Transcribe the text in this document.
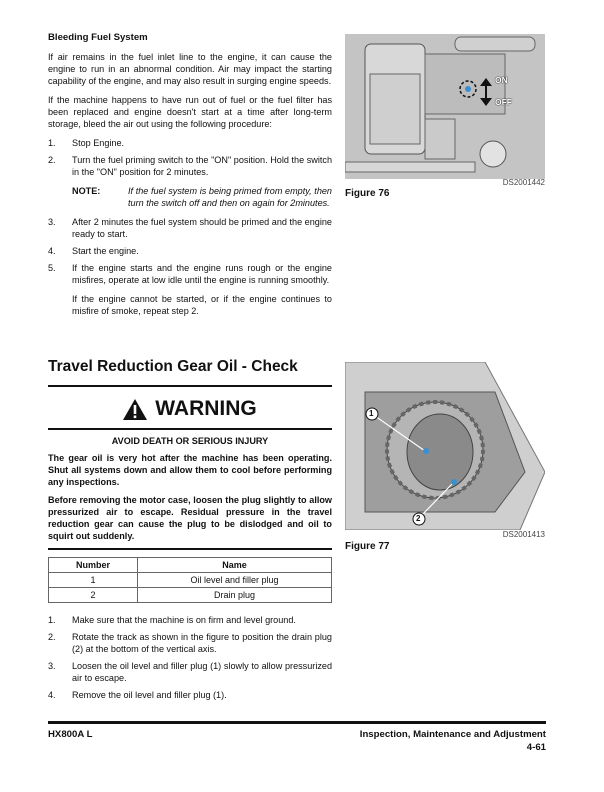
Bleeding Fuel System

If air remains in the fuel inlet line to the engine, it can cause the engine to run in an abnormal condition. Air may impact the starting capability of the engine, and may also result in surging engine speeds.

If the machine happens to have run out of fuel or the fuel filter has been replaced and engine doesn't start at a time after long-term storage, bleed the air out using the following procedure:

1. Stop Engine.
2. Turn the fuel priming switch to the "ON" position. Hold the switch in the "ON" position for 2 minutes.
NOTE:	If the fuel system is being primed from empty, then turn the switch off and then on again for 2minutes.
3. After 2 minutes the fuel system should be primed and the engine ready to start.
4. Start the engine.
5. If the engine starts and the engine runs rough or the engine misfires, operate at low idle until the engine is running smoothly.

If the engine cannot be started, or if the engine continues to misfire of smoke, repeat step 2.

ON
OFF
DS2001442
Figure 76
Travel Reduction Gear Oil - Check
WARNING
AVOID DEATH OR SERIOUS INJURY

The gear oil is very hot after the machine has been operating. Shut all systems down and allow them to cool before performing any inspections.

Before removing the motor case, loosen the plug slightly to allow pressurized air to escape. Residual pressure in the travel reduction gear can cause the plug to be dislodged and oil to squirt out suddenly.

Number	Name
1	Oil level and filler plug
2	Drain plug
1. Make sure that the machine is on firm and level ground.
2. Rotate the track as shown in the figure to position the drain plug (2) at the bottom of the vertical axis.
3. Loosen the oil level and filler plug (1) slowly to allow pressurized air to escape.
4. Remove the oil level and filler plug (1).
1
2
DS2001413
Figure 77
HX800A L	Inspection, Maintenance and Adjustment
4-61
